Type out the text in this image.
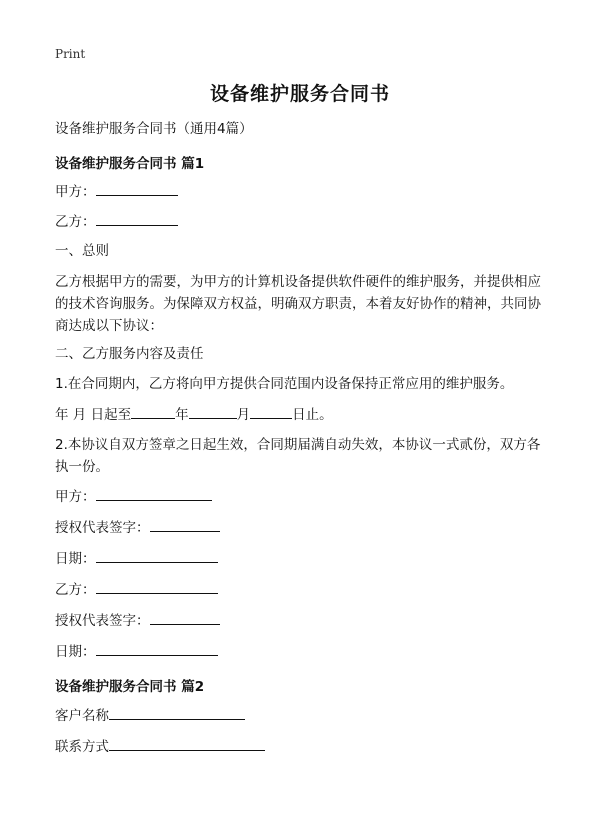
Print
设备维护服务合同书
设备维护服务合同书（通用4篇）
设备维护服务合同书 篇1
甲方：
乙方：
一、总则
乙方根据甲方的需要，为甲方的计算机设备提供软件硬件的维护服务，并提供相应的技术咨询服务。为保障双方权益，明确双方职责，本着友好协作的精神，共同协商达成以下协议：
二、乙方服务内容及责任
1.在合同期内，乙方将向甲方提供合同范围内设备保持正常应用的维护服务。
年 月 日起至	年	月	日止。
2.本协议自双方签章之日起生效，合同期届满自动失效，本协议一式贰份，双方各执一份。
甲方：
授权代表签字：
日期：
乙方：
授权代表签字：
日期：
设备维护服务合同书 篇2
客户名称
联系方式
